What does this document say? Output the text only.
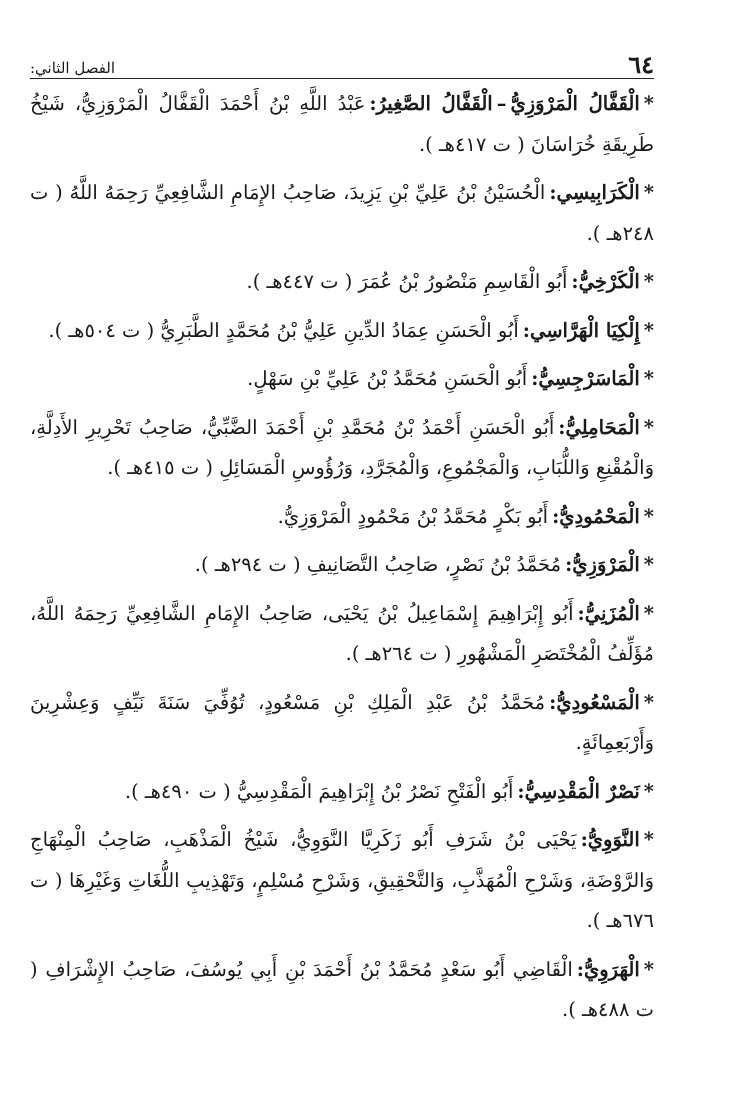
٦٤
الفصل الثاني:

*الْقَفَّالُ الْمَرْوَزِيُّ–الْقَفَّالُ الصَّغِيرُ:عَبْدُ اللَّهِ بْنُ أَحْمَدَ الْقَفَّالُ الْمَرْوَزِيُّ، شَيْخُ طَرِيقَةِ خُرَاسَانَ ( ت ٤١٧هـ ).

*الْكَرَابِيسِي:الْحُسَيْنُ بْنُ عَلِيِّ بْنِ يَزِيدَ، صَاحِبُ الإِمَامِ الشَّافِعِيِّ رَحِمَهُ اللَّهُ ( ت ٢٤٨هـ ).

*الْكَرْخِيُّ:أَبُو الْقَاسِمِ مَنْصُورُ بْنُ عُمَرَ ( ت ٤٤٧هـ ).

*إِلْكِيَا الْهَرَّاسِي:أَبُو الْحَسَنِ عِمَادُ الدِّينِ عَلِيُّ بْنُ مُحَمَّدٍ الطَّبَرِيُّ ( ت ٥٠٤هـ ).

*الْمَاسَرْجِسِيُّ:أَبُو الْحَسَنِ مُحَمَّدُ بْنُ عَلِيِّ بْنِ سَهْلٍ.

*الْمَحَامِلِيُّ:أَبُو الْحَسَنِ أَحْمَدُ بْنُ مُحَمَّدِ بْنِ أَحْمَدَ الضَّبِّيُّ، صَاحِبُ تَحْرِيرِ الأَدِلَّةِ، وَالْمُقْنِعِ وَاللُّبَابِ، وَالْمَجْمُوعِ، وَالْمُجَرَّدِ، وَرُؤُوسِ الْمَسَائِلِ ( ت ٤١٥هـ ).

*الْمَحْمُودِيُّ:أَبُو بَكْرٍ مُحَمَّدُ بْنُ مَحْمُودٍ الْمَرْوَزِيُّ.

*الْمَرْوَزِيُّ:مُحَمَّدُ بْنُ نَصْرٍ، صَاحِبُ التَّصَانِيفِ ( ت ٢٩٤هـ ).

*الْمُزَنِيُّ:أَبُو إِبْرَاهِيمَ إِسْمَاعِيلُ بْنُ يَحْيَى، صَاحِبُ الإِمَامِ الشَّافِعِيِّ رَحِمَهُ اللَّهُ، مُؤَلِّفُ الْمُخْتَصَرِ الْمَشْهُورِ ( ت ٢٦٤هـ ).

*الْمَسْعُودِيُّ:مُحَمَّدُ بْنُ عَبْدِ الْمَلِكِ بْنِ مَسْعُودٍ، تُوُفِّيَ سَنَةَ نَيِّفٍ وَعِشْرِينَ وَأَرْبَعِمِائَةٍ.

*نَصْرٌ الْمَقْدِسِيُّ:أَبُو الْفَتْحِ نَصْرُ بْنُ إِبْرَاهِيمَ الْمَقْدِسِيُّ ( ت ٤٩٠هـ ).

*النَّوَوِيُّ:يَحْيَى بْنُ شَرَفِ أَبُو زَكَرِيَّا النَّوَوِيُّ، شَيْخُ الْمَذْهَبِ، صَاحِبُ الْمِنْهَاجِ وَالرَّوْضَةِ، وَشَرْحِ الْمُهَذَّبِ، وَالتَّحْقِيقِ، وَشَرْحِ مُسْلِمٍ، وَتَهْذِيبِ اللُّغَاتِ وَغَيْرِهَا ( ت ٦٧٦هـ ).

*الْهَرَوِيُّ:الْقَاضِي أَبُو سَعْدٍ مُحَمَّدُ بْنُ أَحْمَدَ بْنِ أَبِي يُوسُفَ، صَاحِبُ الإِشْرَافِ ( ت ٤٨٨هـ ).
